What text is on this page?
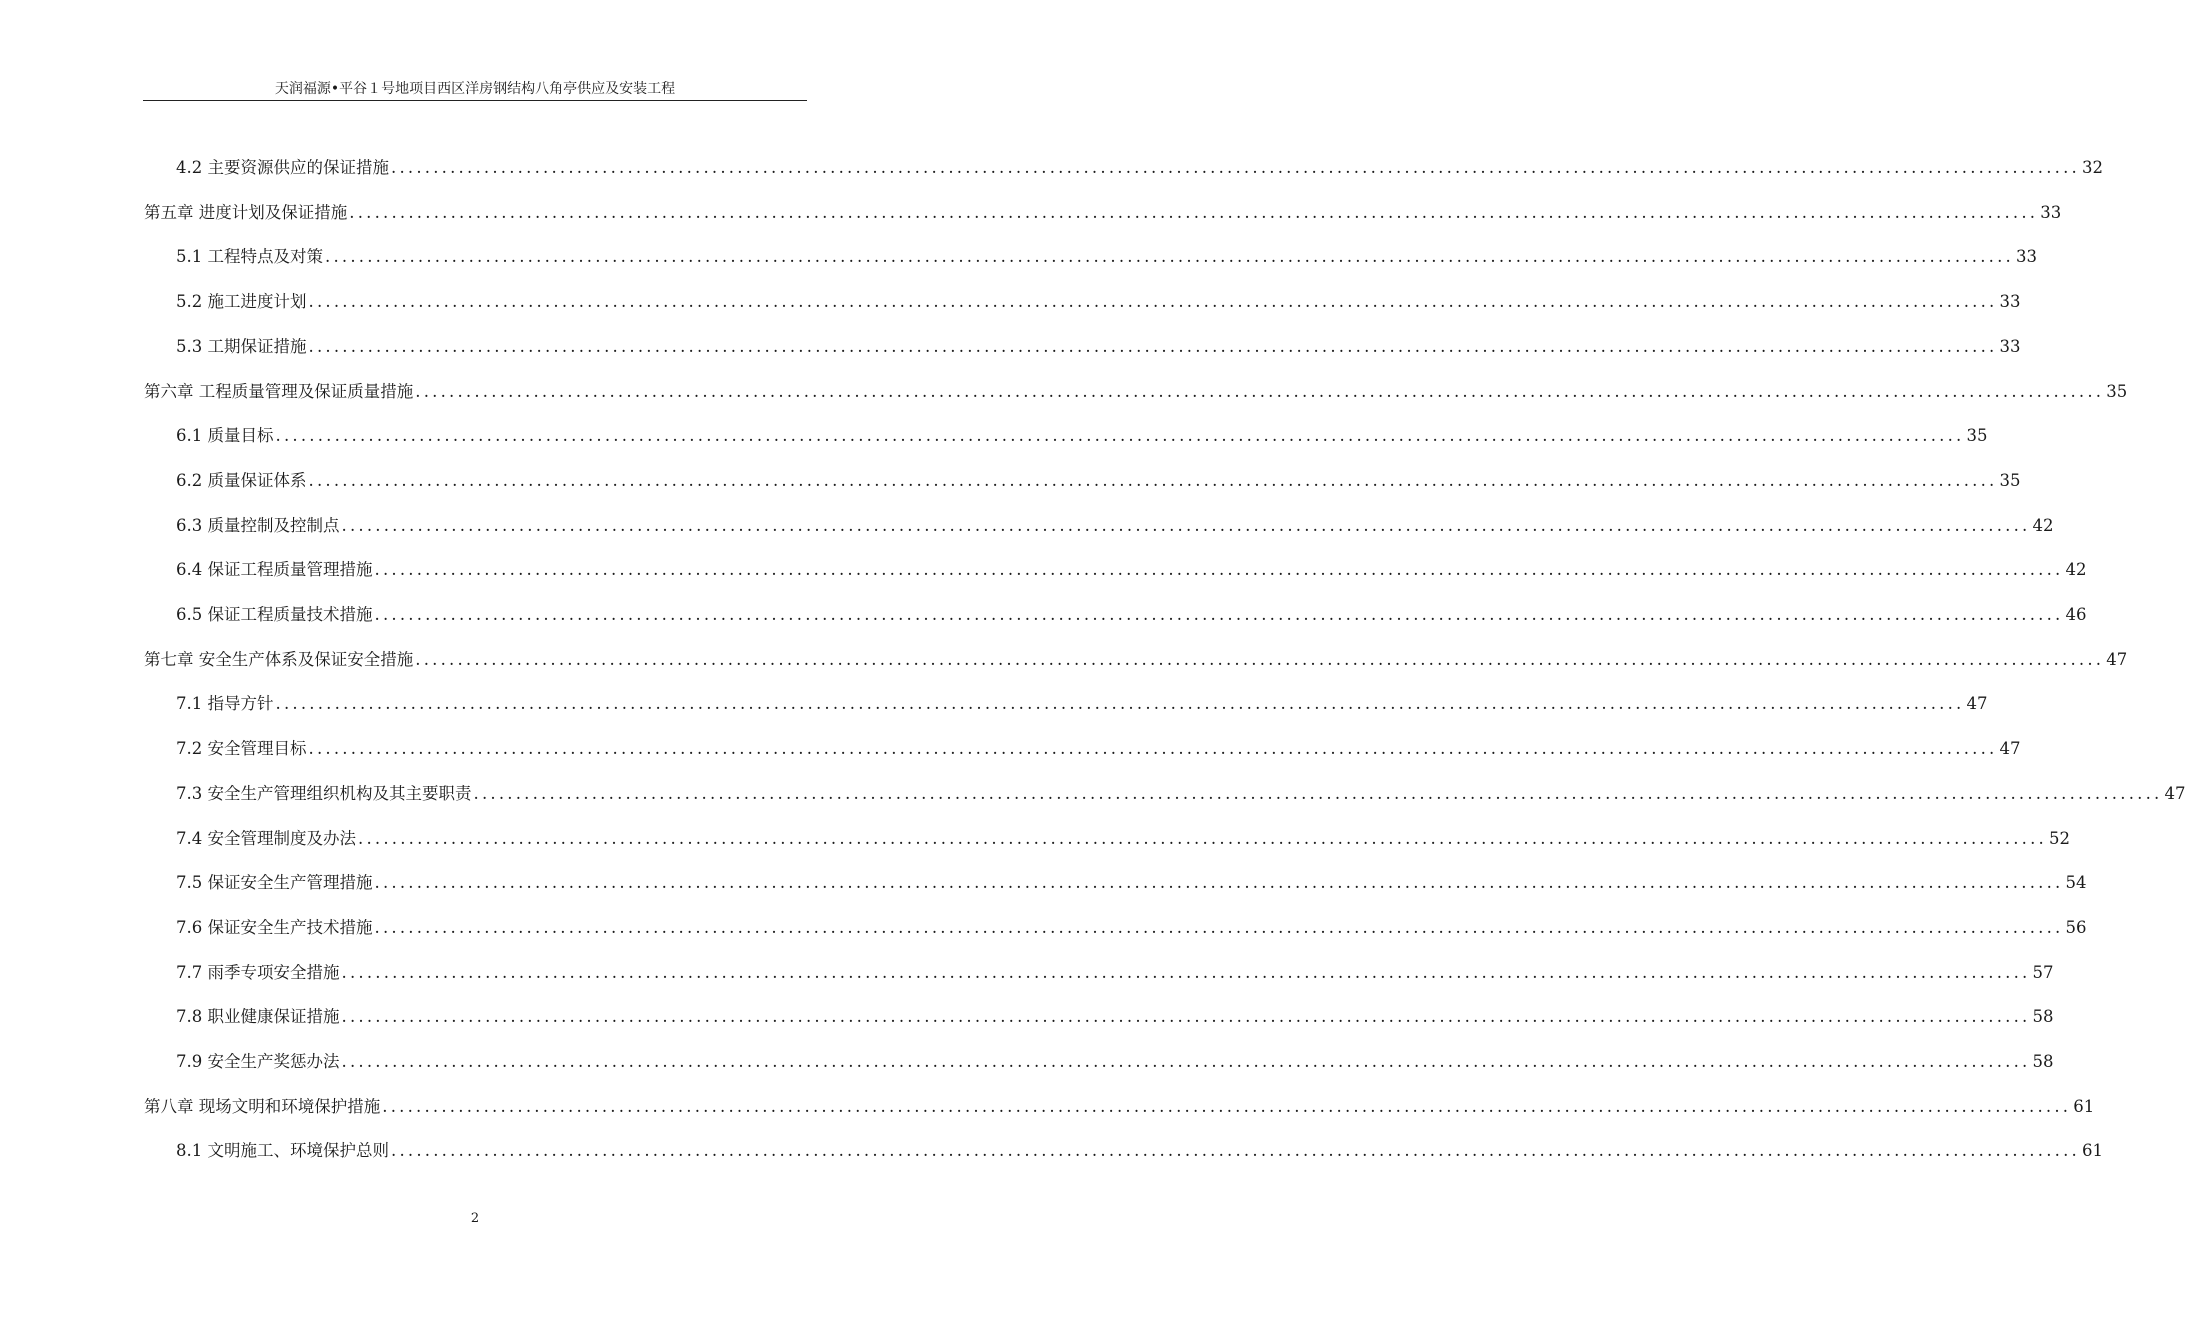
天润福源•平谷１号地项目西区洋房钢结构八角亭供应及安装工程
4.2 主要资源供应的保证措施 ........................................................................................................................................................................................................ 32
第五章 进度计划及保证措施 ........................................................................................................................................................................................................ 33
5.1 工程特点及对策 ........................................................................................................................................................................................................ 33
5.2 施工进度计划 ........................................................................................................................................................................................................ 33
5.3 工期保证措施 ........................................................................................................................................................................................................ 33
第六章 工程质量管理及保证质量措施 ........................................................................................................................................................................................................ 35
6.1 质量目标 ........................................................................................................................................................................................................ 35
6.2 质量保证体系 ........................................................................................................................................................................................................ 35
6.3 质量控制及控制点 ........................................................................................................................................................................................................ 42
6.4 保证工程质量管理措施 ........................................................................................................................................................................................................ 42
6.5 保证工程质量技术措施 ........................................................................................................................................................................................................ 46
第七章 安全生产体系及保证安全措施 ........................................................................................................................................................................................................ 47
7.1 指导方针 ........................................................................................................................................................................................................ 47
7.2 安全管理目标 ........................................................................................................................................................................................................ 47
7.3 安全生产管理组织机构及其主要职责 ........................................................................................................................................................................................................ 47
7.4 安全管理制度及办法 ........................................................................................................................................................................................................ 52
7.5 保证安全生产管理措施 ........................................................................................................................................................................................................ 54
7.6 保证安全生产技术措施 ........................................................................................................................................................................................................ 56
7.7 雨季专项安全措施 ........................................................................................................................................................................................................ 57
7.8 职业健康保证措施 ........................................................................................................................................................................................................ 58
7.9 安全生产奖惩办法 ........................................................................................................................................................................................................ 58
第八章 现场文明和环境保护措施 ........................................................................................................................................................................................................ 61
8.1 文明施工、环境保护总则 ........................................................................................................................................................................................................ 61
2
